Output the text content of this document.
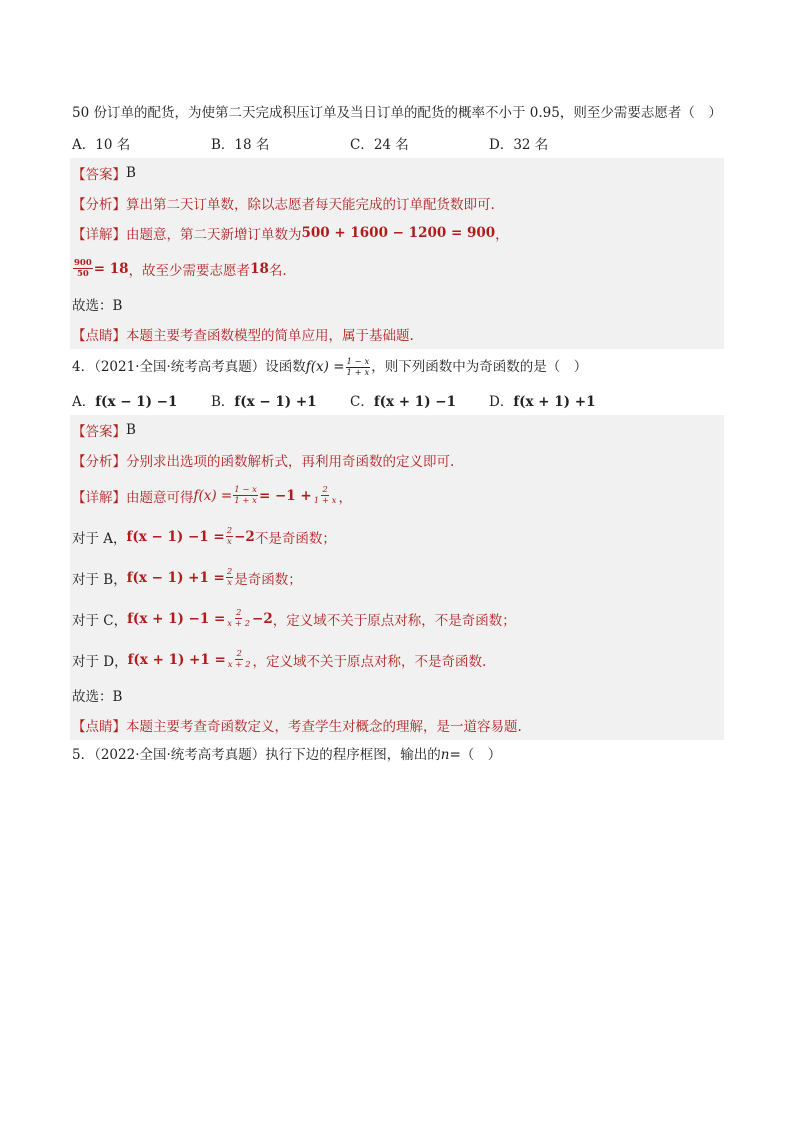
50 份订单的配货，为使第二天完成积压订单及当日订单的配货的概率不小于 0.95，则至少需要志愿者（　）
A．10 名	B．18 名	C．24 名	D．32 名
【答案】 B
【分析】 算出第二天订单数，除以志愿者每天能完成的订单配货数即可.
【详解】 由题意，第二天新增订单数为 500 + 1600 − 1200 = 900 ，
$\frac{900}{50} = 18$ ，故至少需要志愿者 18 名.
故选：B
【点睛】 本题主要考查函数模型的简单应用，属于基础题.
4．（2021·全国·统考高考真题）设函数 $f(x) = \frac{1 - x}{1 + x}$ ，则下列函数中为奇函数的是（　）
A．f(x − 1) −1	B．f(x − 1) +1	C．f(x + 1) −1	D．f(x + 1) +1
【答案】 B
【分析】 分别求出选项的函数解析式，再利用奇函数的定义即可.
【详解】 由题意可得 $f(x) = \frac{1 - x}{1 + x} = -1 + \frac{2}{1 + x}$ ，
对于 A， $f(x - 1) -1 = \frac{2}{x} -2$ 不是奇函数；
对于 B， $f(x - 1) +1 = \frac{2}{x}$ 是奇函数；
对于 C， $f(x + 1) -1 = \frac{2}{x + 2} -2$ ，定义域不关于原点对称，不是奇函数；
对于 D， $f(x + 1) +1 = \frac{2}{x + 2}$ ，定义域不关于原点对称，不是奇函数.
故选：B
【点睛】 本题主要考查奇函数定义，考查学生对概念的理解，是一道容易题.
5．（2022·全国·统考高考真题）执行下边的程序框图，输出的 n =（　）
